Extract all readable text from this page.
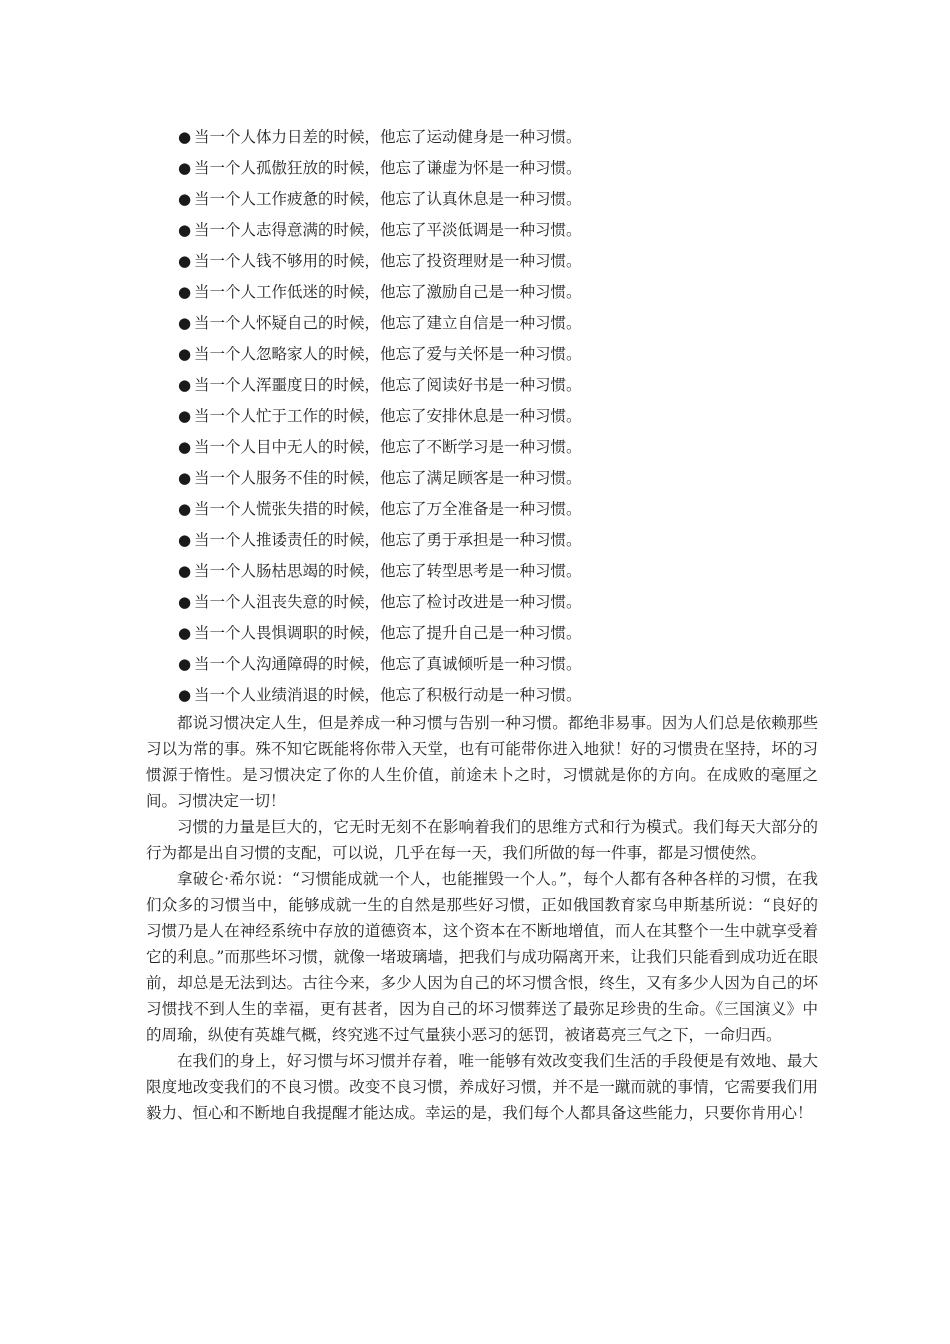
● 当一个人体力日差的时候，他忘了运动健身是一种习惯。
● 当一个人孤傲狂放的时候，他忘了谦虚为怀是一种习惯。
● 当一个人工作疲惫的时候，他忘了认真休息是一种习惯。
● 当一个人志得意满的时候，他忘了平淡低调是一种习惯。
● 当一个人钱不够用的时候，他忘了投资理财是一种习惯。
● 当一个人工作低迷的时候，他忘了激励自己是一种习惯。
● 当一个人怀疑自己的时候，他忘了建立自信是一种习惯。
● 当一个人忽略家人的时候，他忘了爱与关怀是一种习惯。
● 当一个人浑噩度日的时候，他忘了阅读好书是一种习惯。
● 当一个人忙于工作的时候，他忘了安排休息是一种习惯。
● 当一个人目中无人的时候，他忘了不断学习是一种习惯。
● 当一个人服务不佳的时候，他忘了满足顾客是一种习惯。
● 当一个人慌张失措的时候，他忘了万全准备是一种习惯。
● 当一个人推诿责任的时候，他忘了勇于承担是一种习惯。
● 当一个人肠枯思竭的时候，他忘了转型思考是一种习惯。
● 当一个人沮丧失意的时候，他忘了检讨改进是一种习惯。
● 当一个人畏惧调职的时候，他忘了提升自己是一种习惯。
● 当一个人沟通障碍的时候，他忘了真诚倾听是一种习惯。
● 当一个人业绩消退的时候，他忘了积极行动是一种习惯。

都说习惯决定人生，但是养成一种习惯与告别一种习惯。都绝非易事。因为人们总是依赖那些习以为常的事。殊不知它既能将你带入天堂，也有可能带你进入地狱！好的习惯贵在坚持，坏的习惯源于惰性。是习惯决定了你的人生价值，前途未卜之时，习惯就是你的方向。在成败的毫厘之间。习惯决定一切！

习惯的力量是巨大的，它无时无刻不在影响着我们的思维方式和行为模式。我们每天大部分的行为都是出自习惯的支配，可以说，几乎在每一天，我们所做的每一件事，都是习惯使然。

拿破仑·希尔说：“习惯能成就一个人，也能摧毁一个人。”，每个人都有各种各样的习惯，在我们众多的习惯当中，能够成就一生的自然是那些好习惯，正如俄国教育家乌申斯基所说：“良好的习惯乃是人在神经系统中存放的道德资本，这个资本在不断地增值，而人在其整个一生中就享受着它的利息。”而那些坏习惯，就像一堵玻璃墙，把我们与成功隔离开来，让我们只能看到成功近在眼前，却总是无法到达。古往今来，多少人因为自己的坏习惯含恨，终生，又有多少人因为自己的坏习惯找不到人生的幸福，更有甚者，因为自己的坏习惯葬送了最弥足珍贵的生命。《三国演义》中的周瑜，纵使有英雄气概，终究逃不过气量狭小恶习的惩罚，被诸葛亮三气之下，一命归西。

在我们的身上，好习惯与坏习惯并存着，唯一能够有效改变我们生活的手段便是有效地、最大限度地改变我们的不良习惯。改变不良习惯，养成好习惯，并不是一蹴而就的事情，它需要我们用毅力、恒心和不断地自我提醒才能达成。幸运的是，我们每个人都具备这些能力，只要你肯用心！
